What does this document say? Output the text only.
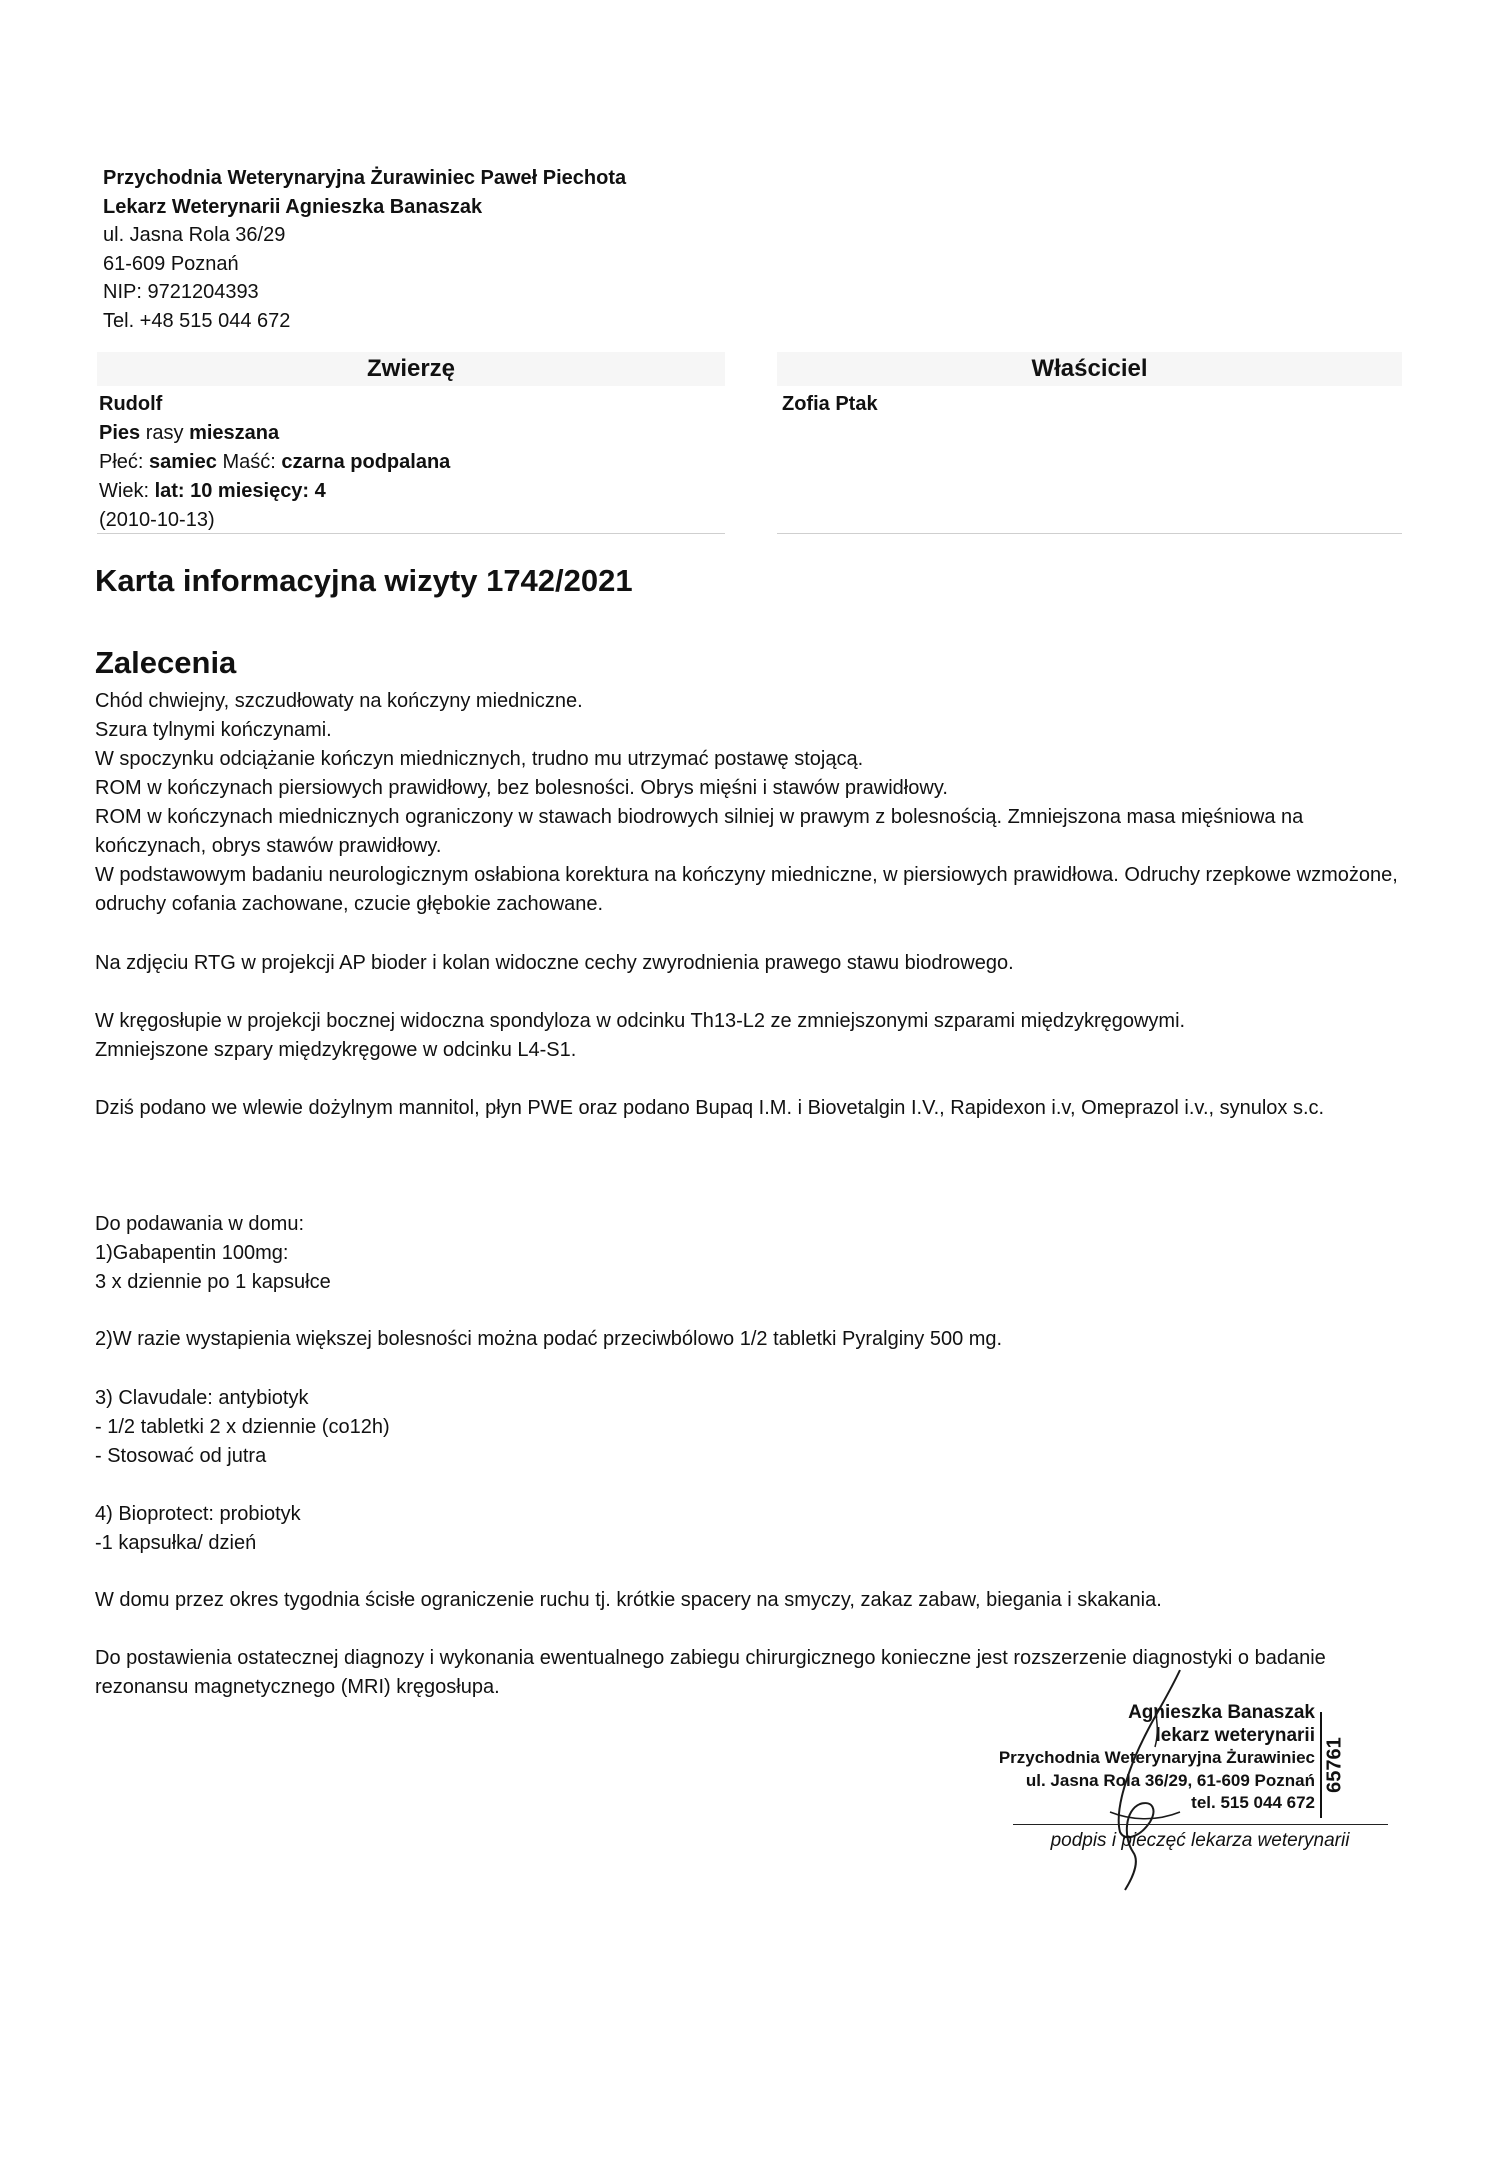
Przychodnia Weterynaryjna Żurawiniec Paweł Piechota
Lekarz Weterynarii Agnieszka Banaszak
ul. Jasna Rola 36/29
61-609 Poznań
NIP: 9721204393
Tel. +48 515 044 672
Zwierzę	Właściciel
Rudolf
Pies rasy mieszana
Płeć: samiec Maść: czarna podpalana
Wiek: lat: 10 miesięcy: 4
(2010-10-13)
Zofia Ptak
Karta informacyjna wizyty 1742/2021
Zalecenia

Chód chwiejny, szczudłowaty na kończyny miedniczne.

Szura tylnymi kończynami.

W spoczynku odciążanie kończyn miednicznych, trudno mu utrzymać postawę stojącą.

ROM w kończynach piersiowych prawidłowy, bez bolesności. Obrys mięśni i stawów prawidłowy.

ROM w kończynach miednicznych ograniczony w stawach biodrowych silniej w prawym z bolesnością. Zmniejszona masa mięśniowa na kończynach, obrys stawów prawidłowy.

W podstawowym badaniu neurologicznym osłabiona korektura na kończyny miedniczne, w piersiowych prawidłowa. Odruchy rzepkowe wzmożone, odruchy cofania zachowane, czucie głębokie zachowane.

Na zdjęciu RTG w projekcji AP bioder i kolan widoczne cechy zwyrodnienia prawego stawu biodrowego.

W kręgosłupie w projekcji bocznej widoczna spondyloza w odcinku Th13-L2 ze zmniejszonymi szparami międzykręgowymi.

Zmniejszone szpary międzykręgowe w odcinku L4-S1.

Dziś podano we wlewie dożylnym mannitol, płyn PWE oraz podano Bupaq I.M. i Biovetalgin I.V., Rapidexon i.v, Omeprazol i.v., synulox s.c.

Do podawania w domu:

1)Gabapentin 100mg:

3 x dziennie po 1 kapsułce

2)W razie wystapienia większej bolesności można podać przeciwbólowo 1/2 tabletki Pyralginy 500 mg.

3) Clavudale: antybiotyk

- 1/2 tabletki 2 x dziennie (co12h)

- Stosować od jutra

4) Bioprotect: probiotyk

-1 kapsułka/ dzień

W domu przez okres tygodnia ścisłe ograniczenie ruchu tj. krótkie spacery na smyczy, zakaz zabaw, biegania i skakania.

Do postawienia ostatecznej diagnozy i wykonania ewentualnego zabiegu chirurgicznego konieczne jest rozszerzenie diagnostyki o badanie rezonansu magnetycznego (MRI) kręgosłupa.

Agnieszka Banaszak
lekarz weterynarii
Przychodnia Weterynaryjna Żurawiniec
ul. Jasna Rola 36/29, 61-609 Poznań
tel. 515 044 672
65761
podpis i pieczęć lekarza weterynarii
